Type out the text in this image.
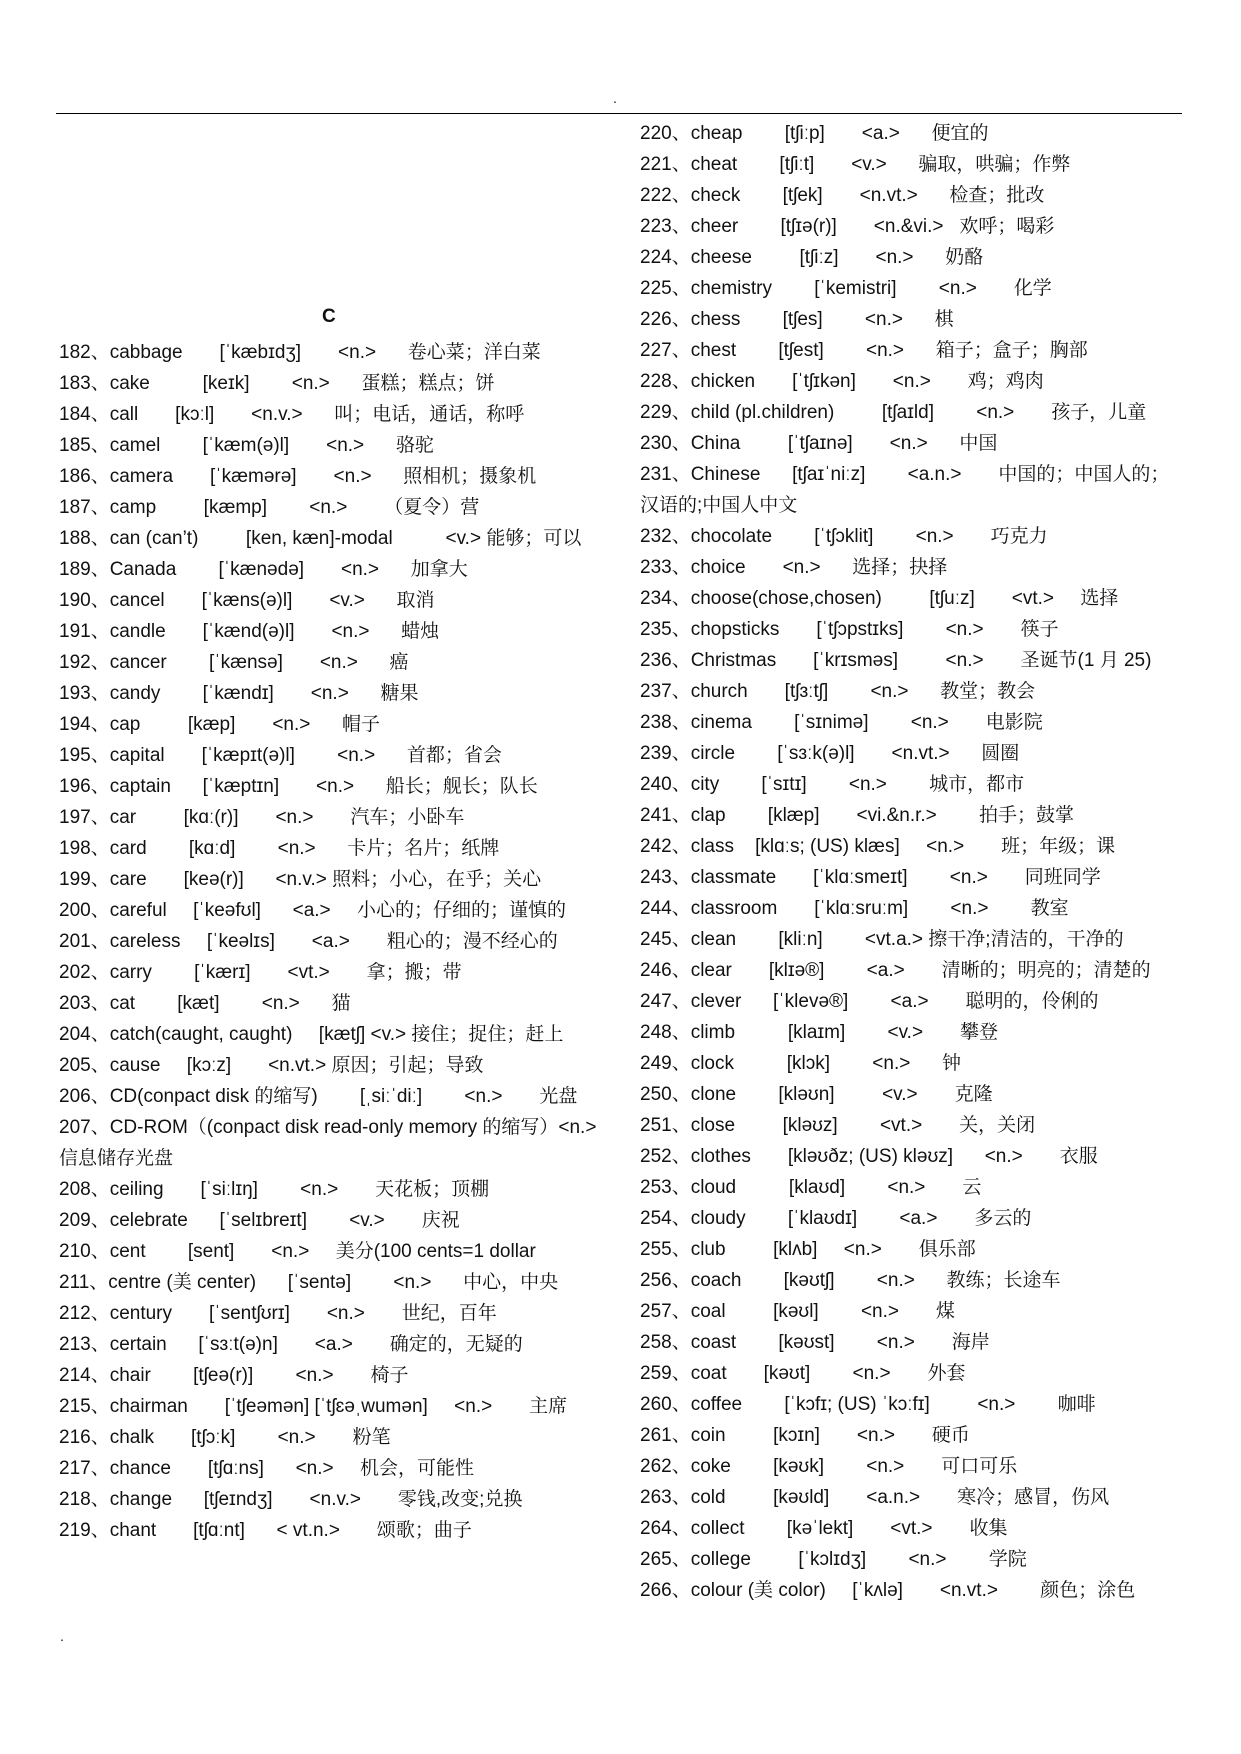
.
C
182、cabbage       [ˈkæbɪdʒ]       <n.>      卷心菜；洋白菜
183、cake          [keɪk]        <n.>      蛋糕；糕点；饼
184、call       [kɔːl]       <n.v.>      叫；电话，通话，称呼
185、camel        [ˈkæm(ə)l]       <n.>      骆驼
186、camera       [ˈkæmərə]       <n.>      照相机；摄象机
187、camp         [kæmp]        <n.>       （夏令）营
188、can (can’t)         [ken, kæn]-modal          <v.> 能够；可以
189、Canada        [ˈkænədə]       <n.>      加拿大
190、cancel       [ˈkæns(ə)l]       <v.>      取消
191、candle       [ˈkænd(ə)l]       <n.>      蜡烛
192、cancer        [ˈkænsə]       <n.>      癌
193、candy        [ˈkændɪ]       <n.>      糖果
194、cap         [kæp]       <n.>      帽子
195、capital       [ˈkæpɪt(ə)l]        <n.>      首都；省会
196、captain      [ˈkæptɪn]       <n.>      船长；舰长；队长
197、car         [kɑː(r)]       <n.>       汽车；小卧车
198、card        [kɑːd]        <n.>      卡片；名片；纸牌
199、care       [keə(r)]      <n.v.> 照料；小心，在乎；关心
200、careful     [ˈkeəfʊl]      <a.>     小心的；仔细的；谨慎的
201、careless     [ˈkeəlɪs]       <a.>       粗心的；漫不经心的
202、carry        [ˈkærɪ]       <vt.>       拿；搬；带
203、cat        [kæt]        <n.>      猫
204、catch(caught, caught)     [kætʃ] <v.> 接住；捉住；赶上
205、cause     [kɔːz]       <n.vt.> 原因；引起；导致
206、CD(conpact disk 的缩写)        [ˌsiːˈdiː]        <n.>       光盘
207、CD-ROM（(conpact disk read-only memory 的缩写）<n.>       信息储存光盘
208、ceiling       [ˈsiːlɪŋ]        <n.>       天花板；顶棚
209、celebrate      [ˈselɪbreɪt]        <v.>       庆祝
210、cent        [sent]       <n.>     美分(100 cents=1 dollar
211、centre (美 center)      [ˈsentə]        <n.>      中心，中央
212、century       [ˈsentʃʊrɪ]       <n.>       世纪，百年
213、certain      [ˈsɜːt(ə)n]       <a.>       确定的，无疑的
214、chair        [tʃeə(r)]        <n.>       椅子
215、chairman       [ˈtʃeəmən] [ˈtʃɛəˌwumən]     <n.>       主席
216、chalk       [tʃɔːk]        <n.>       粉笔
217、chance       [tʃɑːns]      <n.>     机会，可能性
218、change      [tʃeɪndʒ]       <n.v.>       零钱,改变;兑换
219、chant       [tʃɑːnt]      < vt.n.>       颂歌；曲子
220、cheap        [tʃiːp]       <a.>      便宜的
221、cheat        [tʃiːt]       <v.>      骗取，哄骗；作弊
222、check        [tʃek]       <n.vt.>      检查；批改
223、cheer        [tʃɪə(r)]       <n.&vi.>   欢呼；喝彩
224、cheese         [tʃiːz]       <n.>      奶酪
225、chemistry        [ˈkemistri]        <n.>       化学
226、chess        [tʃes]        <n.>      棋
227、chest        [tʃest]        <n.>      箱子；盒子；胸部
228、chicken       [ˈtʃɪkən]       <n.>       鸡；鸡肉
229、child (pl.children)         [tʃaɪld]        <n.>       孩子，儿童
230、China         [ˈtʃaɪnə]       <n.>      中国
231、Chinese      [tʃaɪˈniːz]        <a.n.>       中国的；中国人的；汉语的;中国人中文
232、chocolate        [ˈtʃɔklit]        <n.>       巧克力
233、choice       <n.>      选择；抉择
234、choose(chose,chosen)         [tʃuːz]       <vt.>     选择
235、chopsticks       [ˈtʃɔpstɪks]        <n.>       筷子
236、Christmas       [ˈkrɪsməs]         <n.>       圣诞节(1 月 25)
237、church       [tʃɜːtʃ]        <n.>      教堂；教会
238、cinema        [ˈsɪnimə]        <n.>       电影院
239、circle        [ˈsɜːk(ə)l]       <n.vt.>      圆圈
240、city        [ˈsɪtɪ]        <n.>        城市，都市
241、clap        [klæp]       <vi.&n.r.>        拍手；鼓掌
242、class    [klɑːs; (US) klæs]     <n.>       班；年级；课
243、classmate       [ˈklɑːsmeɪt]        <n.>       同班同学
244、classroom       [ˈklɑːsruːm]        <n.>        教室
245、clean        [kliːn]        <vt.a.> 擦干净;清洁的，干净的
246、clear       [klɪə®]        <a.>       清晰的；明亮的；清楚的
247、clever      [ˈklevə®]        <a.>       聪明的，伶俐的
248、climb          [klaɪm]        <v.>       攀登
249、clock          [klɔk]        <n.>      钟
250、clone        [kləʊn]         <v.>       克隆
251、close         [kləʊz]        <vt.>       关，关闭
252、clothes       [kləʊðz; (US) kləʊz]      <n.>       衣服
253、cloud          [klaʊd]        <n.>       云
254、cloudy        [ˈklaʊdɪ]        <a.>       多云的
255、club         [klʌb]     <n.>       俱乐部
256、coach        [kəʊtʃ]        <n.>      教练；长途车
257、coal         [kəʊl]        <n.>       煤
258、coast        [kəʊst]        <n.>       海岸
259、coat       [kəʊt]        <n.>       外套
260、coffee        [ˈkɔfɪ; (US) ˈkɔːfɪ]         <n.>        咖啡
261、coin         [kɔɪn]       <n.>       硬币
262、coke        [kəʊk]        <n.>       可口可乐
263、cold         [kəʊld]       <a.n.>       寒冷；感冒，伤风
264、collect        [kəˈlekt]       <vt.>       收集
265、college         [ˈkɔlɪdʒ]        <n.>        学院
266、colour (美 color)     [ˈkʌlə]       <n.vt.>        颜色；涂色
.
